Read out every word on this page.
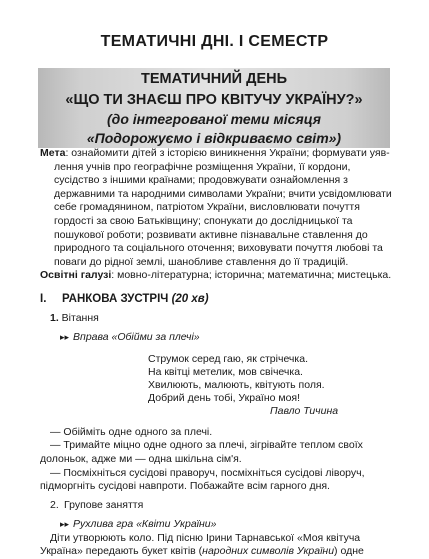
ТЕМАТИЧНІ ДНІ. І СЕМЕСТР
ТЕМАТИЧНИЙ ДЕНЬ
«ЩО ТИ ЗНАЄШ ПРО КВІТУЧУ УКРАЇНУ?»
(до інтегрованої теми місяця
«Подорожуємо і відкриваємо світ»)
Мета: ознайомити дітей з історією виникнення України; формувати уявлення учнів про географічне розміщення України, її кордони, сусідство з іншими країнами; продовжувати ознайомлення з державними та народними символами України; вчити усвідомлювати себе громадянином, патріотом України, висловлювати почуття гордості за свою Батьківщину; спонукати до дослідницької та пошукової роботи; розвивати активне пізнавальне ставлення до природного та соціального оточення; виховувати почуття любові та поваги до рідної землі, шанобливе ставлення до її традицій.
Освітні галузі: мовно-літературна; історична; математична; мистецька.
I. РАНКОВА ЗУСТРІЧ (20 хв)
1. Вітання
▸▸ Вправа «Обійми за плечі»
Струмок серед гаю, як стрічечка.
На квітці метелик, мов свічечка.
Хвилюють, малюють, квітують поля.
Добрий день тобі, Україно моя!
Павло Тичина
— Обійміть одне одного за плечі.
— Тримайте міцно одне одного за плечі, зігрівайте теплом своїх долоньок, адже ми — одна шкільна сім'я.
— Посміхніться сусідові праворуч, посміхніться сусідові ліворуч, підморгніть сусідові навпроти. Побажайте всім гарного дня.
2. Групове заняття
▸▸ Рухлива гра «Квіти України»
Діти утворюють коло. Під пісню Ірини Тарнавської «Моя квітуча Україна» передають букет квітів (народних символів України) одне
